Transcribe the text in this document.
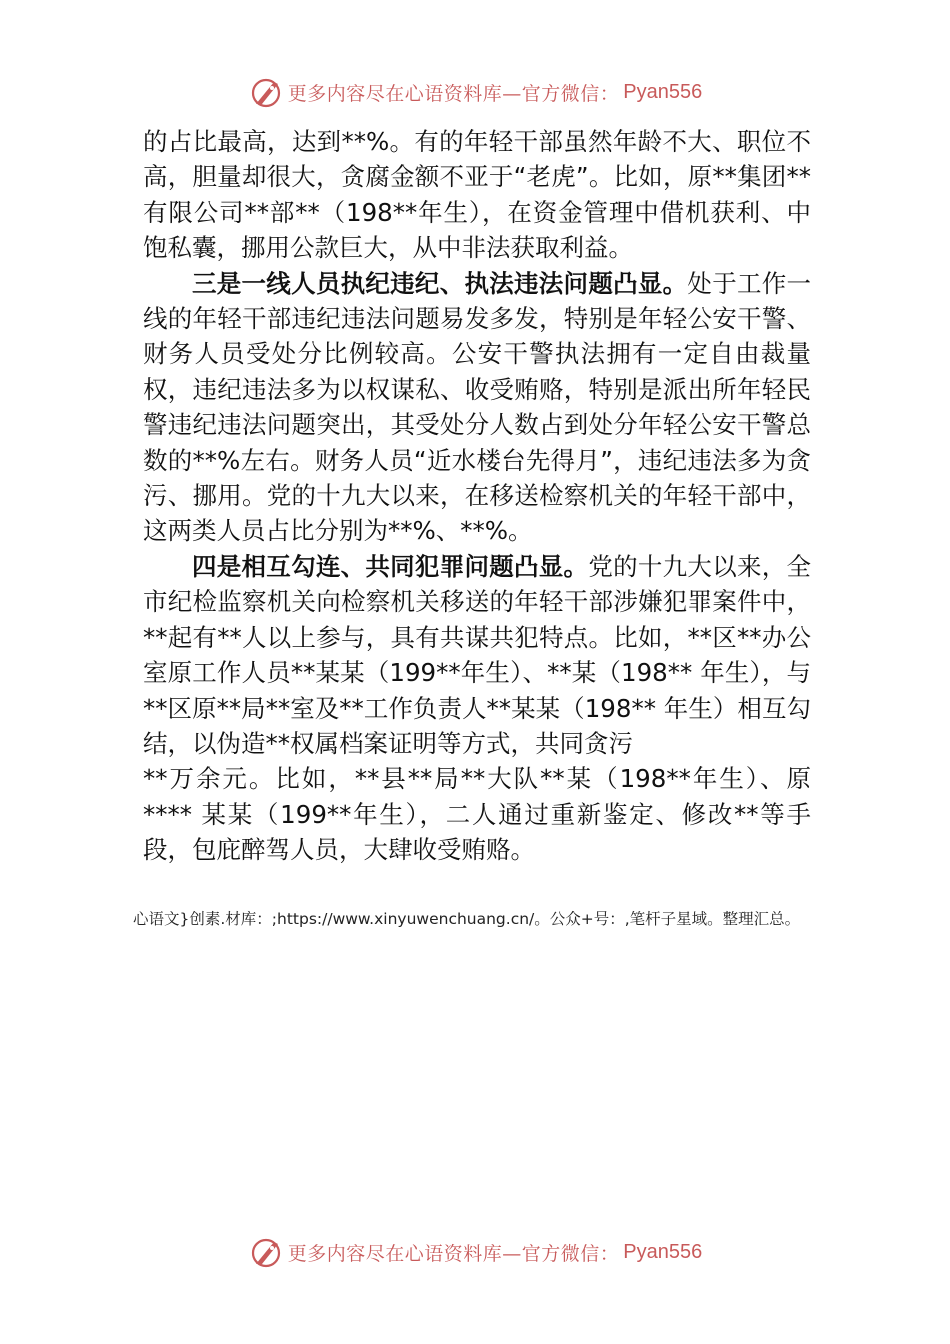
更多内容尽在心语资料库—官方微信： Pyan556

的占比最高，达到**%。有的年轻干部虽然年龄不大、职位不高，胆量却很大，贪腐金额不亚于“老虎”。比如，原**集团**有限公司**部**（198**年生），在资金管理中借机获利、中饱私囊，挪用公款巨大，从中非法获取利益。

三是一线人员执纪违纪、执法违法问题凸显。处于工作一线的年轻干部违纪违法问题易发多发，特别是年轻公安干警、财务人员受处分比例较高。公安干警执法拥有一定自由裁量权，违纪违法多为以权谋私、收受贿赂，特别是派出所年轻民警违纪违法问题突出，其受处分人数占到处分年轻公安干警总数的**%左右。财务人员“近水楼台先得月”，违纪违法多为贪污、挪用。党的十九大以来，在移送检察机关的年轻干部中，这两类人员占比分别为**%、**%。

四是相互勾连、共同犯罪问题凸显。党的十九大以来，全市纪检监察机关向检察机关移送的年轻干部涉嫌犯罪案件中，**起有**人以上参与，具有共谋共犯特点。比如，**区**办公室原工作人员**某某（199**年生）、**某（198** 年生），与**区原**局**室及**工作负责人**某某（198** 年生）相互勾结，以伪造**权属档案证明等方式，共同贪污

**万余元。比如，**县**局**大队**某（198**年生）、原**** 某某（199**年生），二人通过重新鉴定、修改**等手段，包庇醉驾人员，大肆收受贿赂。

心语文}创素.材库：;https://www.xinyuwenchuang.cn/。公众+号：,笔杆子星域。整理汇总。
更多内容尽在心语资料库—官方微信： Pyan556
